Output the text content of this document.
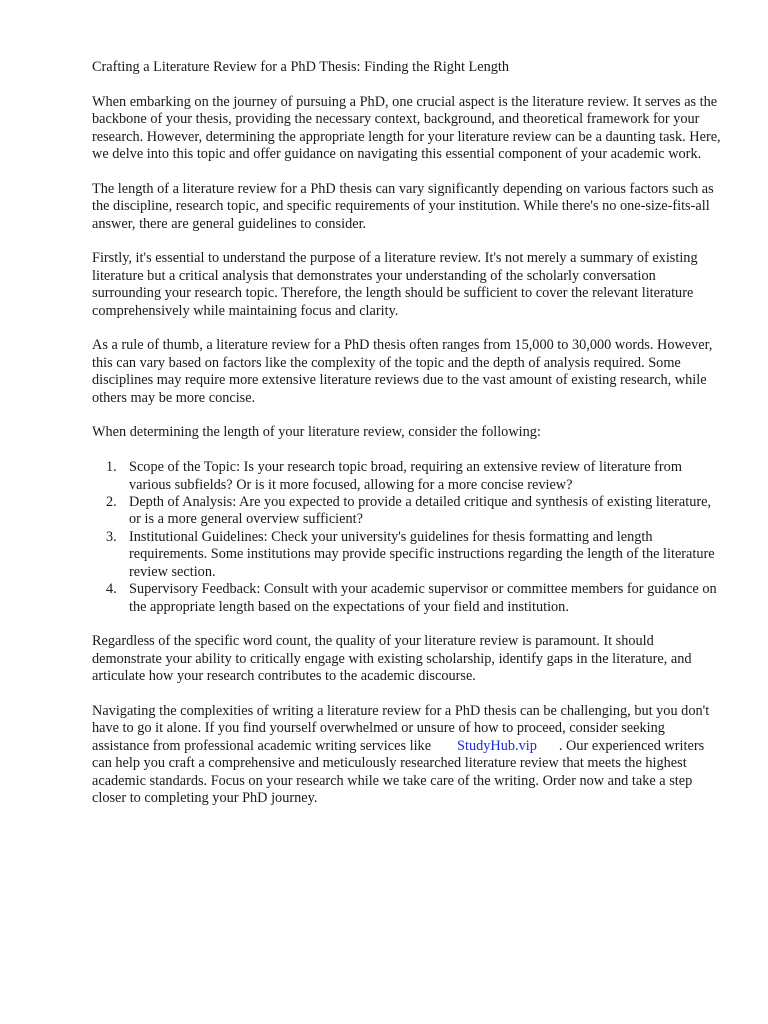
Crafting a Literature Review for a PhD Thesis: Finding the Right Length

When embarking on the journey of pursuing a PhD, one crucial aspect is the literature review. It serves as the backbone of your thesis, providing the necessary context, background, and theoretical framework for your research. However, determining the appropriate length for your literature review can be a daunting task. Here, we delve into this topic and offer guidance on navigating this essential component of your academic work.

The length of a literature review for a PhD thesis can vary significantly depending on various factors such as the discipline, research topic, and specific requirements of your institution. While there's no one-size-fits-all answer, there are general guidelines to consider.

Firstly, it's essential to understand the purpose of a literature review. It's not merely a summary of existing literature but a critical analysis that demonstrates your understanding of the scholarly conversation surrounding your research topic. Therefore, the length should be sufficient to cover the relevant literature comprehensively while maintaining focus and clarity.

As a rule of thumb, a literature review for a PhD thesis often ranges from 15,000 to 30,000 words. However, this can vary based on factors like the complexity of the topic and the depth of analysis required. Some disciplines may require more extensive literature reviews due to the vast amount of existing research, while others may be more concise.

When determining the length of your literature review, consider the following:

1. Scope of the Topic: Is your research topic broad, requiring an extensive review of literature from various subfields? Or is it more focused, allowing for a more concise review?
2. Depth of Analysis: Are you expected to provide a detailed critique and synthesis of existing literature, or is a more general overview sufficient?
3. Institutional Guidelines: Check your university's guidelines for thesis formatting and length requirements. Some institutions may provide specific instructions regarding the length of the literature review section.
4. Supervisory Feedback: Consult with your academic supervisor or committee members for guidance on the appropriate length based on the expectations of your field and institution.

Regardless of the specific word count, the quality of your literature review is paramount. It should demonstrate your ability to critically engage with existing scholarship, identify gaps in the literature, and articulate how your research contributes to the academic discourse.

Navigating the complexities of writing a literature review for a PhD thesis can be challenging, but you don't have to go it alone. If you find yourself overwhelmed or unsure of how to proceed, consider seeking assistance from professional academic writing services like StudyHub.vip . Our experienced writers can help you craft a comprehensive and meticulously researched literature review that meets the highest academic standards. Focus on your research while we take care of the writing. Order now and take a step closer to completing your PhD journey.
